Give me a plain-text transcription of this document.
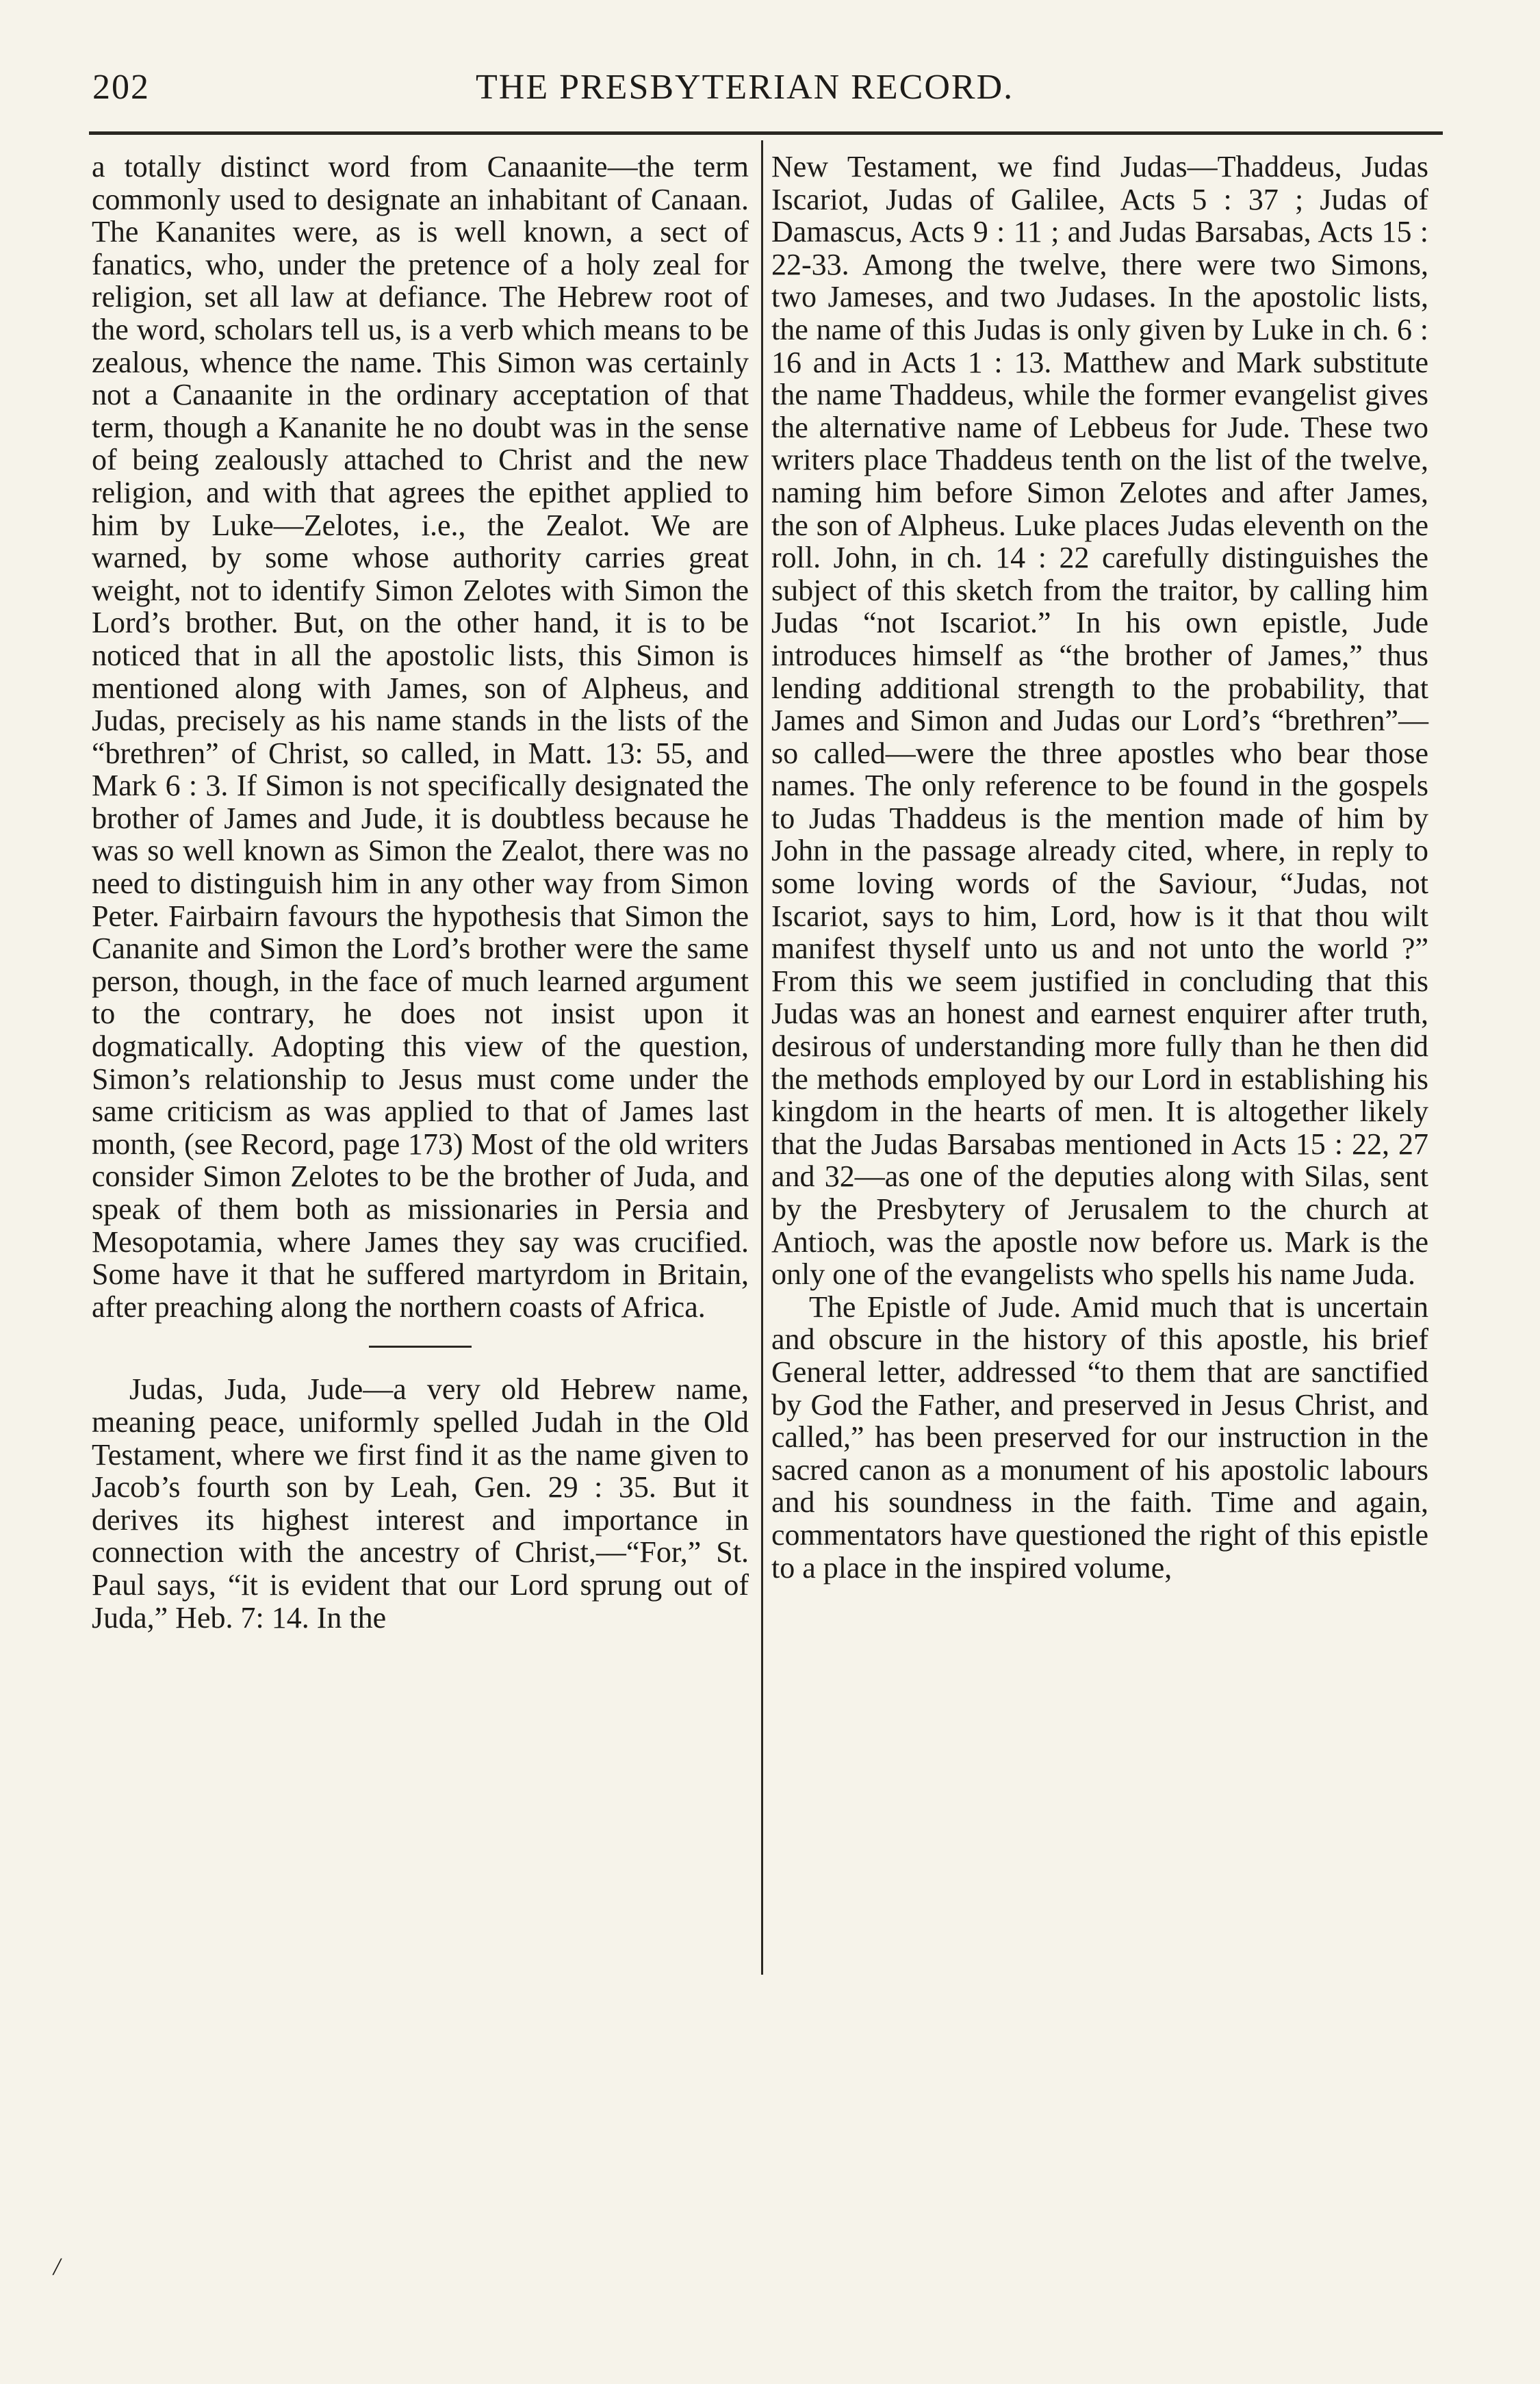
202	THE PRESBYTERIAN RECORD.

a totally distinct word from Canaanite—the term commonly used to designate an inhabitant of Canaan. The Kananites were, as is well known, a sect of fanatics, who, under the pretence of a holy zeal for religion, set all law at defiance. The Hebrew root of the word, scholars tell us, is a verb which means to be zealous, whence the name. This Simon was certainly not a Canaanite in the ordinary acceptation of that term, though a Kananite he no doubt was in the sense of being zealously attached to Christ and the new religion, and with that agrees the epithet applied to him by Luke—Zelotes, i.e., the Zealot. We are warned, by some whose authority carries great weight, not to identify Simon Zelotes with Simon the Lord’s brother. But, on the other hand, it is to be noticed that in all the apostolic lists, this Simon is mentioned along with James, son of Alpheus, and Judas, precisely as his name stands in the lists of the “brethren” of Christ, so called, in Matt. 13: 55, and Mark 6 : 3. If Simon is not specifically designated the brother of James and Jude, it is doubtless because he was so well known as Simon the Zealot, there was no need to distinguish him in any other way from Simon Peter. Fairbairn favours the hypothesis that Simon the Cananite and Simon the Lord’s brother were the same person, though, in the face of much learned argument to the contrary, he does not insist upon it dogmatically. Adopting this view of the question, Simon’s relationship to Jesus must come under the same criticism as was applied to that of James last month, (see Record, page 173) Most of the old writers consider Simon Zelotes to be the brother of Juda, and speak of them both as missionaries in Persia and Mesopotamia, where James they say was crucified. Some have it that he suffered martyrdom in Britain, after preaching along the northern coasts of Africa.

Judas, Juda, Jude—a very old Hebrew name, meaning peace, uniformly spelled Judah in the Old Testament, where we first find it as the name given to Jacob’s fourth son by Leah, Gen. 29 : 35. But it derives its highest interest and importance in connection with the ancestry of Christ,—“For,” St. Paul says, “it is evident that our Lord sprung out of Juda,” Heb. 7: 14. In the

New Testament, we find Judas—Thaddeus, Judas Iscariot, Judas of Galilee, Acts 5 : 37 ; Judas of Damascus, Acts 9 : 11 ; and Judas Barsabas, Acts 15 : 22-33. Among the twelve, there were two Simons, two Jameses, and two Judases. In the apostolic lists, the name of this Judas is only given by Luke in ch. 6 : 16 and in Acts 1 : 13. Matthew and Mark substitute the name Thaddeus, while the former evangelist gives the alternative name of Lebbeus for Jude. These two writers place Thaddeus tenth on the list of the twelve, naming him before Simon Zelotes and after James, the son of Alpheus. Luke places Judas eleventh on the roll. John, in ch. 14 : 22 carefully distinguishes the subject of this sketch from the traitor, by calling him Judas “not Iscariot.” In his own epistle, Jude introduces himself as “the brother of James,” thus lending additional strength to the probability, that James and Simon and Judas our Lord’s “brethren”—so called—were the three apostles who bear those names. The only reference to be found in the gospels to Judas Thaddeus is the mention made of him by John in the passage already cited, where, in reply to some loving words of the Saviour, “Judas, not Iscariot, says to him, Lord, how is it that thou wilt manifest thyself unto us and not unto the world ?” From this we seem justified in concluding that this Judas was an honest and earnest enquirer after truth, desirous of understanding more fully than he then did the methods employed by our Lord in establishing his kingdom in the hearts of men. It is altogether likely that the Judas Barsabas mentioned in Acts 15 : 22, 27 and 32—as one of the deputies along with Silas, sent by the Presbytery of Jerusalem to the church at Antioch, was the apostle now before us. Mark is the only one of the evangelists who spells his name Juda.

The Epistle of Jude. Amid much that is uncertain and obscure in the history of this apostle, his brief General letter, addressed “to them that are sanctified by God the Father, and preserved in Jesus Christ, and called,” has been preserved for our instruction in the sacred canon as a monument of his apostolic labours and his soundness in the faith. Time and again, commentators have questioned the right of this epistle to a place in the inspired volume,

/
